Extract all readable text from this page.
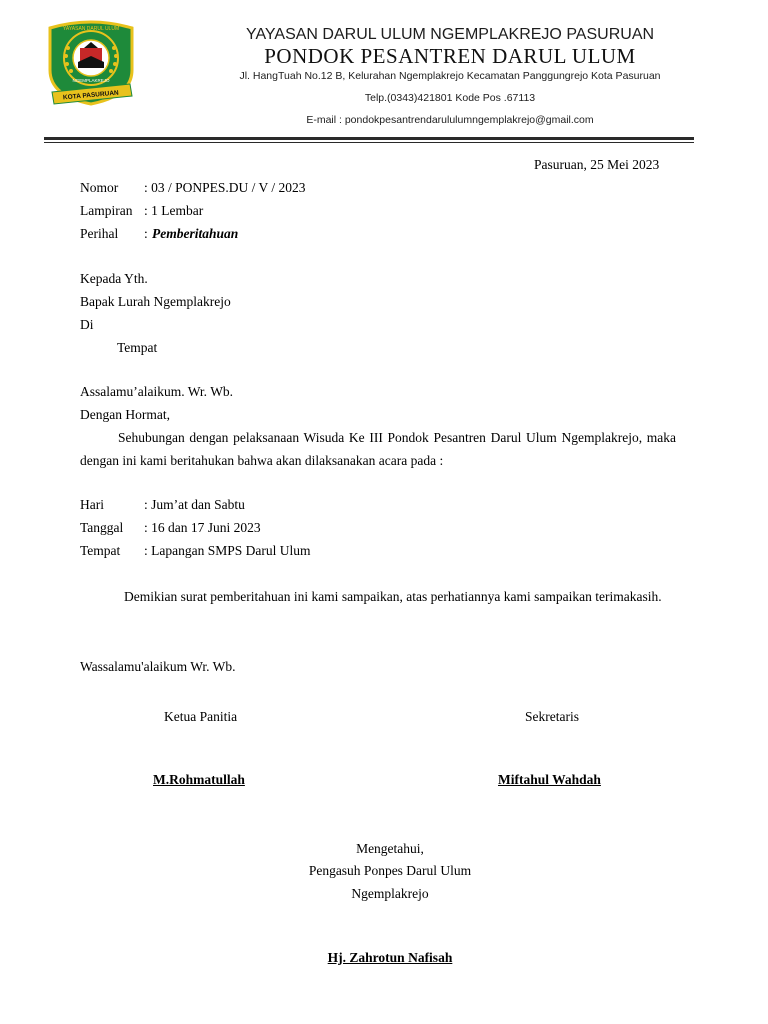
KOTA PASURUAN
YAYASAN DARUL ULUM
NGEMPLAKREJO
YAYASAN DARUL ULUM NGEMPLAKREJO PASURUAN
PONDOK PESANTREN DARUL ULUM
Jl. HangTuah No.12 B, Kelurahan Ngemplakrejo Kecamatan Panggungrejo Kota Pasuruan
Telp.(0343)421801 Kode Pos .67113
E-mail : pondokpesantrendarululumngemplakrejo@gmail.com
Pasuruan, 25 Mei 2023
Nomor : 03 / PONPES.DU / V / 2023
Lampiran : 1 Lembar
Perihal : Pemberitahuan
Kepada Yth.
Bapak Lurah Ngemplakrejo
Di
Tempat
Assalamu’alaikum. Wr. Wb.
Dengan Hormat,
Sehubungan dengan pelaksanaan Wisuda Ke III Pondok Pesantren Darul Ulum Ngemplakrejo, maka dengan ini kami beritahukan bahwa akan dilaksanakan acara pada :
Hari	: Jum’at dan Sabtu
Tanggal : 16 dan 17 Juni 2023
Tempat : Lapangan SMPS Darul Ulum
Demikian surat pemberitahuan ini kami sampaikan, atas perhatiannya kami sampaikan terimakasih.
Wassalamu'alaikum Wr. Wb.
Ketua Panitia
M.Rohmatullah
Sekretaris
Miftahul Wahdah
Mengetahui,
Pengasuh Ponpes Darul Ulum
Ngemplakrejo
Hj. Zahrotun Nafisah
